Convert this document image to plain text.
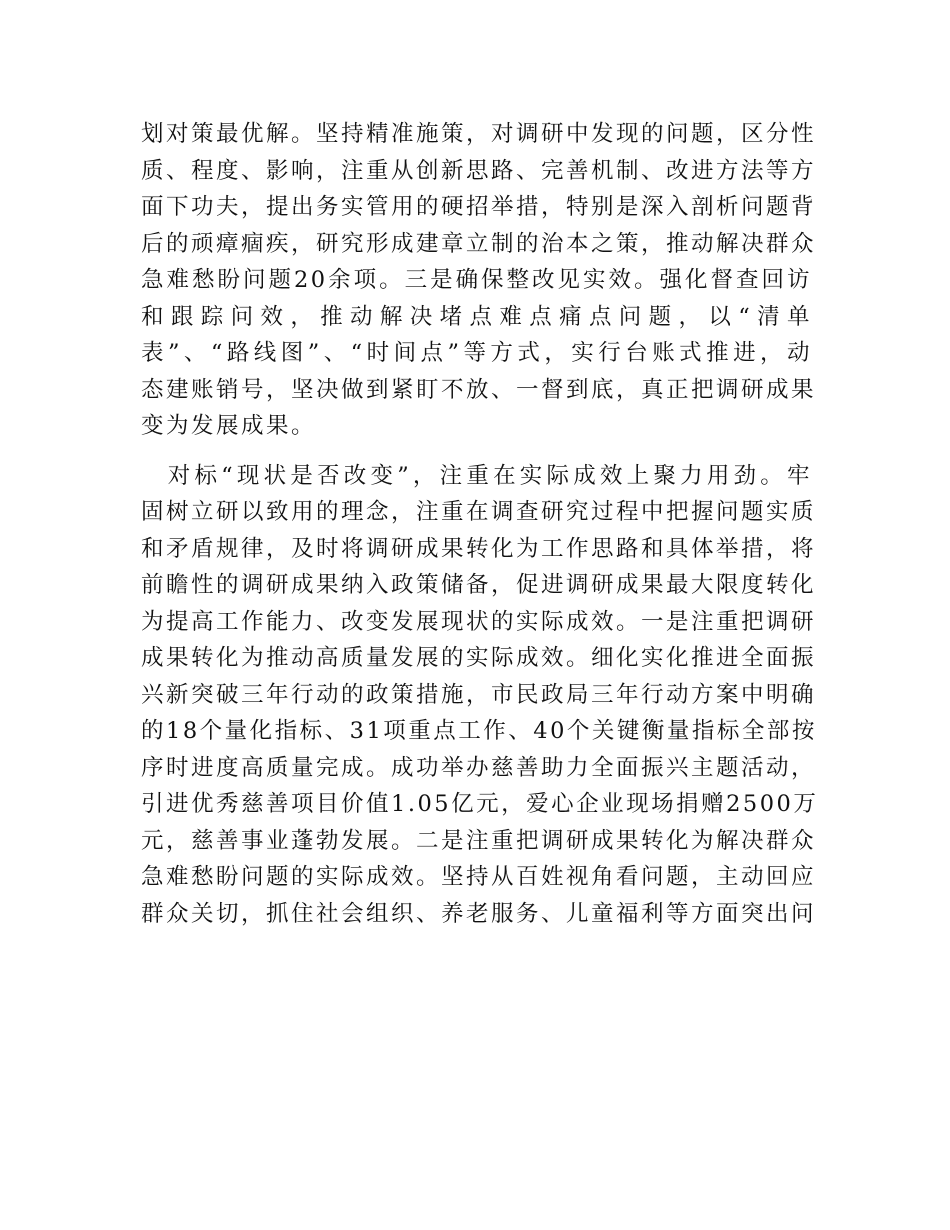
划对策最优解。坚持精准施策，对调研中发现的问题，区分性
质、程度、影响，注重从创新思路、完善机制、改进方法等方
面下功夫，提出务实管用的硬招举措，特别是深入剖析问题背
后的顽瘴痼疾，研究形成建章立制的治本之策，推动解决群众
急难愁盼问题20余项。三是确保整改见实效。强化督查回访
和跟踪问效，推动解决堵点难点痛点问题，以“清单
表”、“路线图”、“时间点”等方式，实行台账式推进，动
态建账销号，坚决做到紧盯不放、一督到底，真正把调研成果
变为发展成果。
　对标“现状是否改变”，注重在实际成效上聚力用劲。牢
固树立研以致用的理念，注重在调查研究过程中把握问题实质
和矛盾规律，及时将调研成果转化为工作思路和具体举措，将
前瞻性的调研成果纳入政策储备，促进调研成果最大限度转化
为提高工作能力、改变发展现状的实际成效。一是注重把调研
成果转化为推动高质量发展的实际成效。细化实化推进全面振
兴新突破三年行动的政策措施，市民政局三年行动方案中明确
的18个量化指标、31项重点工作、40个关键衡量指标全部按
序时进度高质量完成。成功举办慈善助力全面振兴主题活动，
引进优秀慈善项目价值1.05亿元，爱心企业现场捐赠2500万
元，慈善事业蓬勃发展。二是注重把调研成果转化为解决群众
急难愁盼问题的实际成效。坚持从百姓视角看问题，主动回应
群众关切，抓住社会组织、养老服务、儿童福利等方面突出问
